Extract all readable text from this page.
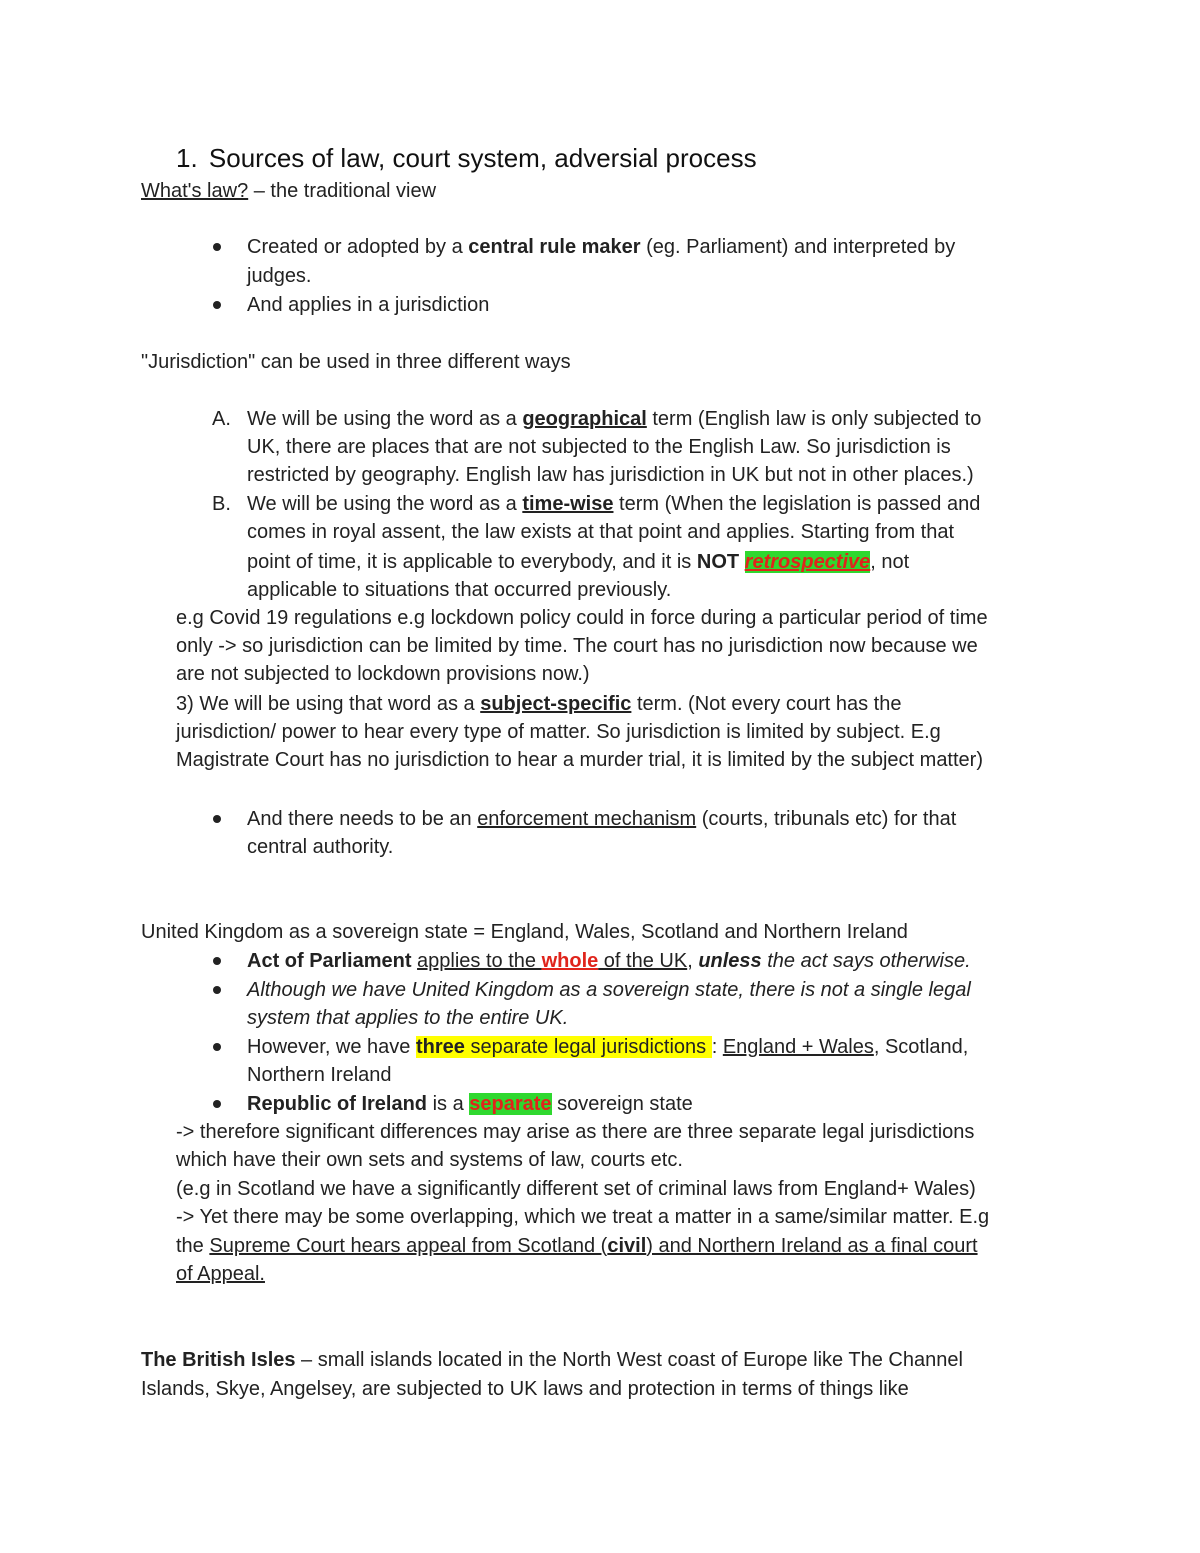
1. Sources of law, court system, adversial process
What's law? – the traditional view
Created or adopted by a central rule maker (eg. Parliament) and interpreted by
judges.
And applies in a jurisdiction
"Jurisdiction" can be used in three different ways
A. We will be using the word as a geographical term (English law is only subjected to
UK, there are places that are not subjected to the English Law. So jurisdiction is
restricted by geography. English law has jurisdiction in UK but not in other places.)
B. We will be using the word as a time-wise term (When the legislation is passed and
comes in royal assent, the law exists at that point and applies. Starting from that
point of time, it is applicable to everybody, and it is NOT retrospective, not
applicable to situations that occurred previously.
e.g Covid 19 regulations e.g lockdown policy could in force during a particular period of time
only -> so jurisdiction can be limited by time. The court has no jurisdiction now because we
are not subjected to lockdown provisions now.)
3) We will be using that word as a subject-specific term. (Not every court has the
jurisdiction/ power to hear every type of matter. So jurisdiction is limited by subject. E.g
Magistrate Court has no jurisdiction to hear a murder trial, it is limited by the subject matter)
And there needs to be an enforcement mechanism (courts, tribunals etc) for that
central authority.
United Kingdom as a sovereign state = England, Wales, Scotland and Northern Ireland
Act of Parliament applies to the whole of the UK, unless the act says otherwise.
Although we have United Kingdom as a sovereign state, there is not a single legal
system that applies to the entire UK.
However, we have three separate legal jurisdictions : England + Wales, Scotland,
Northern Ireland
Republic of Ireland is a separate sovereign state
-> therefore significant differences may arise as there are three separate legal jurisdictions
which have their own sets and systems of law, courts etc.
(e.g in Scotland we have a significantly different set of criminal laws from England+ Wales)
-> Yet there may be some overlapping, which we treat a matter in a same/similar matter. E.g
the Supreme Court hears appeal from Scotland (civil) and Northern Ireland as a final court
of Appeal.
The British Isles – small islands located in the North West coast of Europe like The Channel
Islands, Skye, Angelsey, are subjected to UK laws and protection in terms of things like
